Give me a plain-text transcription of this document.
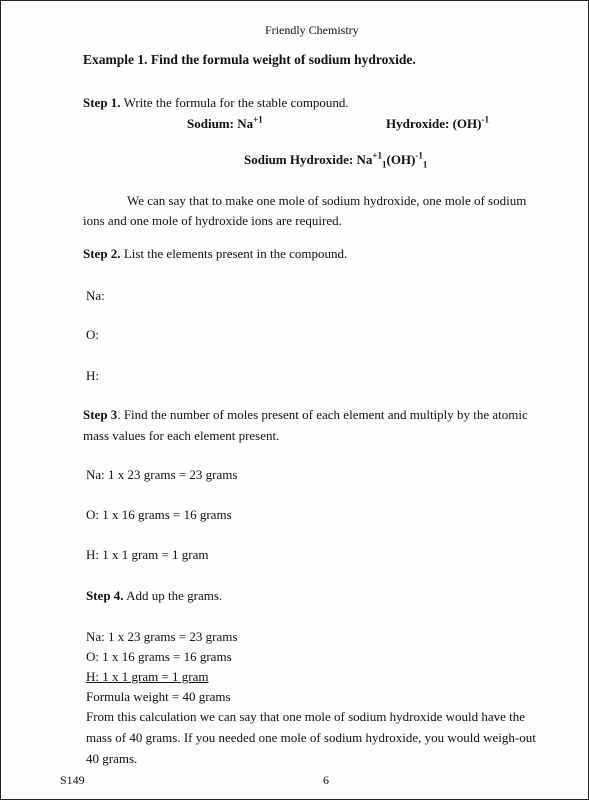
Friendly Chemistry
Example 1. Find the formula weight of sodium hydroxide.
Step 1. Write the formula for the stable compound.
Sodium: $Na^{+1}$	Hydroxide: (OH)$^{-1}$
Sodium Hydroxide: $Na^{+1}_1(OH)^{-1}_1$
We can say that to make one mole of sodium hydroxide, one mole of sodium
ions and one mole of hydroxide ions are required.
Step 2. List the elements present in the compound.
Na:
O:
H:
Step 3. Find the number of moles present of each element and multiply by the atomic
mass values for each element present.
Na: 1 x 23 grams = 23 grams
O: 1 x 16 grams = 16 grams
H: 1 x 1 gram = 1 gram
Step 4. Add up the grams.
Na: 1 x 23 grams = 23 grams
O: 1 x 16 grams = 16 grams
H: 1 x 1 gram = 1 gram
Formula weight = 40 grams
From this calculation we can say that one mole of sodium hydroxide would have the
mass of 40 grams. If you needed one mole of sodium hydroxide, you would weigh-out
40 grams.
S149	6
